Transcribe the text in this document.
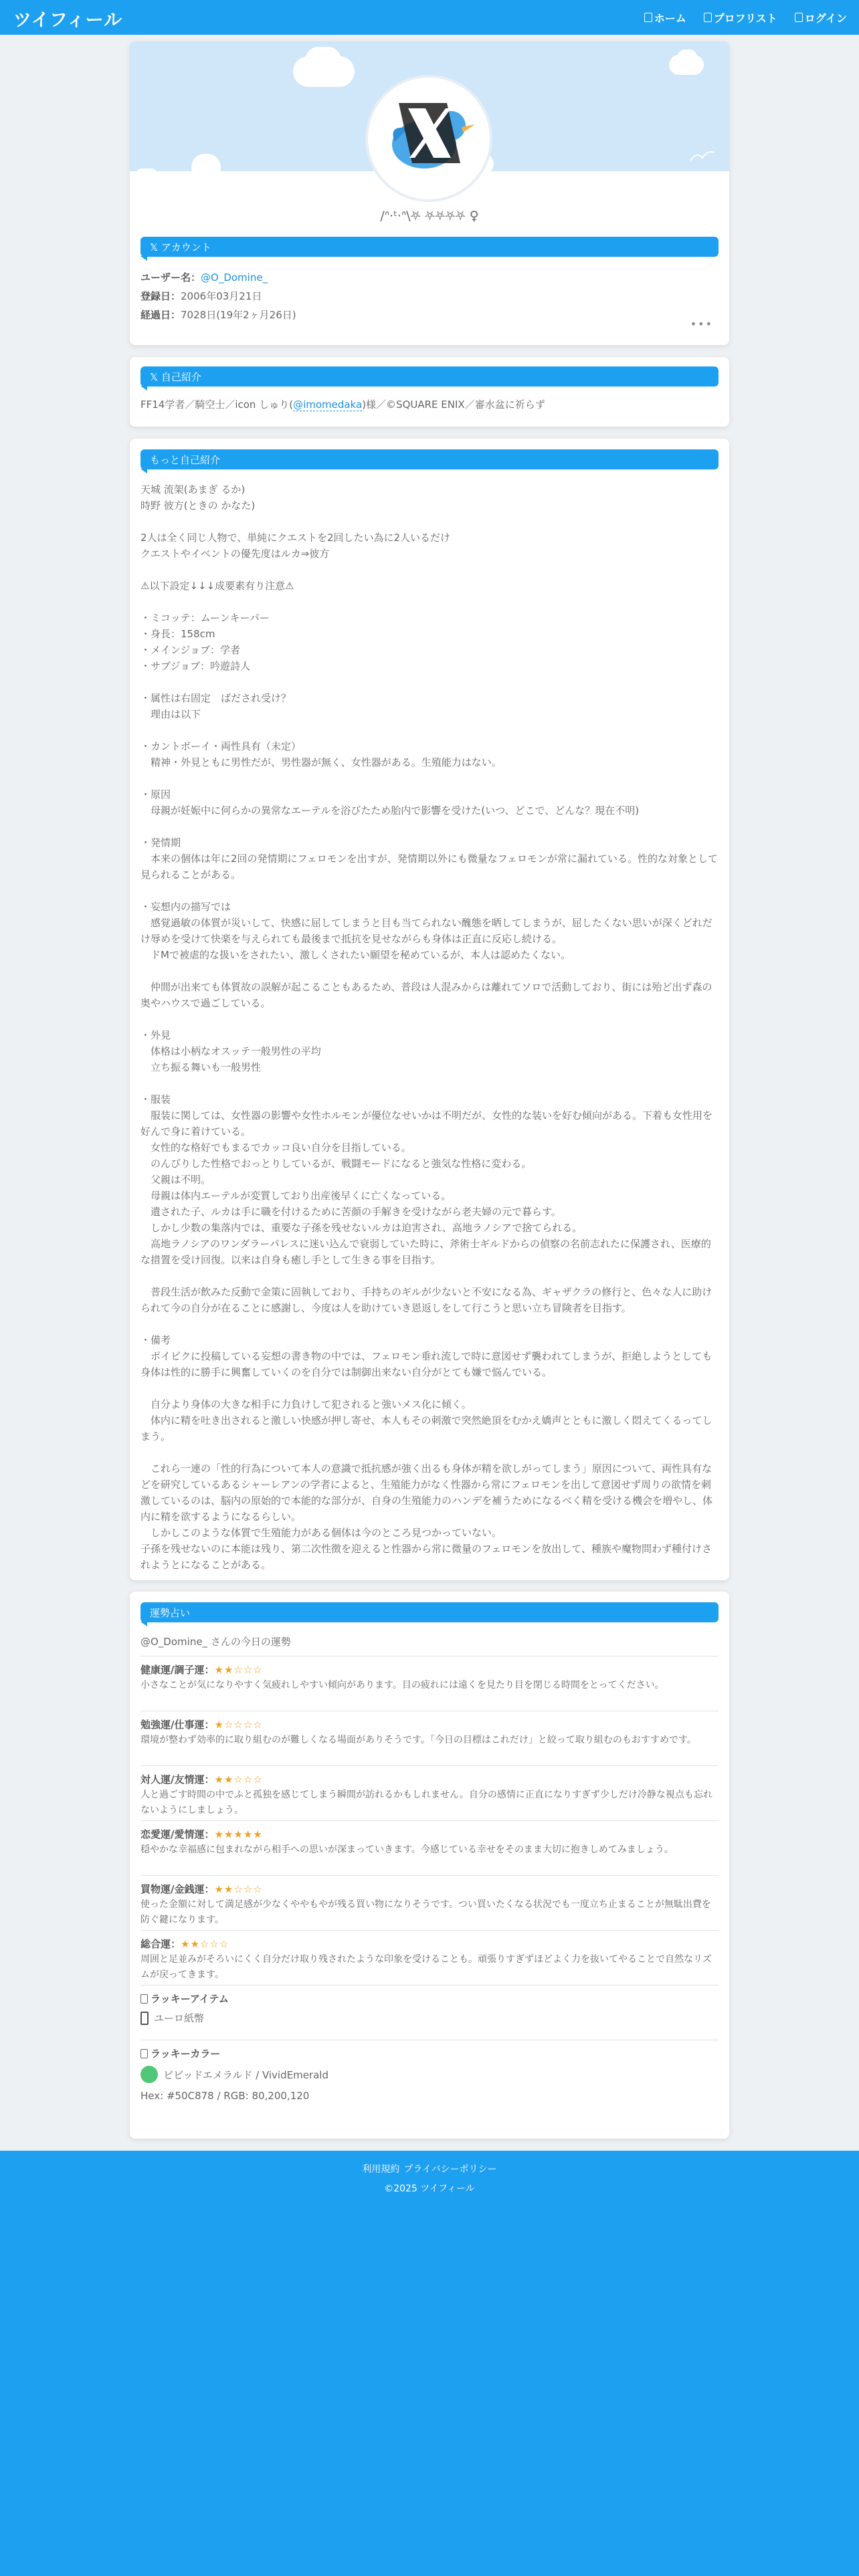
ツイフィール	ホーム	プロフリスト	ログイン
/ᐢ·ᵗ·ᐢ\⛧ ⛧⛧⛧⛧ ♀
𝕏 アカウント
ユーザー名：@O_Domine_
登録日：2006年03月21日
経過日：7028日(19年2ヶ月26日)
•••
𝕏 自己紹介
FF14学者／騎空士／icon しゅり(@imomedaka)様／©SQUARE ENIX／審水盆に祈らず
もっと自己紹介
天城 流架(あまぎ るか)
時野 彼方(ときの かなた)

2人は全く同じ人物で、単純にクエストを2回したい為に2人いるだけ
クエストやイベントの優先度はルカ⇒彼方

⚠以下設定↓↓↓成要素有り注意⚠

・ミコッテ：ムーンキーパー
・身長：158cm
・メインジョブ：学者
・サブジョブ：吟遊詩人

・属性は右固定　ばだされ受け？
　理由は以下

・カントボーイ・両性具有（未定）
　精神・外見ともに男性だが、男性器が無く、女性器がある。生殖能力はない。

・原因
　母親が妊娠中に何らかの異常なエーテルを浴びたため胎内で影響を受けた(いつ、どこで、どんな？現在不明)

・発情期
　本来の個体は年に2回の発情期にフェロモンを出すが、発情期以外にも微量なフェロモンが常に漏れている。性的な対象として見られることがある。

・妄想内の描写では
　感覚過敏の体質が災いして、快感に屈してしまうと目も当てられない醜態を晒してしまうが、屈したくない思いが深くどれだけ辱めを受けて快楽を与えられても最後まで抵抗を見せながらも身体は正直に反応し続ける。
　ドMで被虐的な扱いをされたい、激しくされたい願望を秘めているが、本人は認めたくない。

　仲間が出来ても体質故の誤解が起こることもあるため、普段は人混みからは離れてソロで活動しており、街には殆ど出ず森の奥やハウスで過ごしている。

・外見
　体格は小柄なオスッテ一般男性の平均
　立ち振る舞いも一般男性

・服装
　服装に関しては、女性器の影響や女性ホルモンが優位なせいかは不明だが、女性的な装いを好む傾向がある。下着も女性用を好んで身に着けている。
　女性的な格好でもまるでカッコ良い自分を目指している。
　のんびりした性格でおっとりしているが、戦闘モードになると強気な性格に変わる。
　父親は不明。
　母親は体内エーテルが変質しており出産後早くに亡くなっている。
　遺された子、ルカは手に職を付けるために苦顔の手解きを受けながら老夫婦の元で暮らす。
　しかし少数の集落内では、重要な子孫を残せないルカは迫害され、高地ラノシアで捨てられる。
　高地ラノシアのワンダラーパレスに迷い込んで衰弱していた時に、斧術士ギルドからの偵察の名前志れたに保護され、医療的な措置を受け回復。以来は自身も癒し手として生きる事を目指す。

　普段生活が飲みた反動で金策に固執しており、手持ちのギルが少ないと不安になる為、ギャザクラの修行と、色々な人に助けられて今の自分が在ることに感謝し、今度は人を助けていき恩返しをして行こうと思い立ち冒険者を目指す。

・備考
　ポイピクに投稿している妄想の書き物の中では、フェロモン垂れ流しで時に意図せず襲われてしまうが、拒絶しようとしても身体は性的に勝手に興奮していくのを自分では制御出来ない自分がとても嫌で悩んでいる。

　自分より身体の大きな相手に力負けして犯されると強いメス化に傾く。
　体内に精を吐き出されると激しい快感が押し寄せ、本人もその刺激で突然絶頂をむかえ嬌声とともに激しく悶えてくるってしまう。

　これら一連の「性的行為について本人の意識で抵抗感が強く出るも身体が精を欲しがってしまう」原因について、両性具有などを研究しているあるシャーレアンの学者によると、生殖能力がなく性器から常にフェロモンを出して意図せず周りの欲情を刺激しているのは、脳内の原始的で本能的な部分が、自身の生殖能力のハンデを補うためになるべく精を受ける機会を増やし、体内に精を欲するようになるらしい。
　しかしこのような体質で生殖能力がある個体は今のところ見つかっていない。
子孫を残せないのに本能は残り、第二次性徴を迎えると性器から常に微量のフェロモンを放出して、種族や魔物問わず種付けされようとになることがある。
運勢占い
@O_Domine_ さんの今日の運勢
健康運/調子運：★★☆☆☆
小さなことが気になりやすく気疲れしやすい傾向があります。目の疲れには遠くを見たり目を閉じる時間をとってください。
勉強運/仕事運：★☆☆☆☆
環境が整わず効率的に取り組むのが難しくなる場面がありそうです。「今日の目標はこれだけ」と絞って取り組むのもおすすめです。
対人運/友情運：★★☆☆☆
人と過ごす時間の中でふと孤独を感じてしまう瞬間が訪れるかもしれません。自分の感情に正直になりすぎず少しだけ冷静な視点も忘れないようにしましょう。
恋愛運/愛情運：★★★★★
穏やかな幸福感に包まれながら相手への思いが深まっていきます。今感じている幸せをそのまま大切に抱きしめてみましょう。
買物運/金銭運：★★☆☆☆
使った金額に対して満足感が少なくややもやが残る買い物になりそうです。つい買いたくなる状況でも一度立ち止まることが無駄出費を防ぐ鍵になります。
総合運：★★☆☆☆
周囲と足並みがそろいにくく自分だけ取り残されたような印象を受けることも。頑張りすぎずほどよく力を抜いてやることで自然なリズムが戻ってきます。
ラッキーアイテム
ユーロ紙幣
ラッキーカラー
ビビッドエメラルド / VividEmerald
Hex: #50C878 / RGB: 80,200,120
利用規約 プライバシーポリシー
©2025 ツイフィール
